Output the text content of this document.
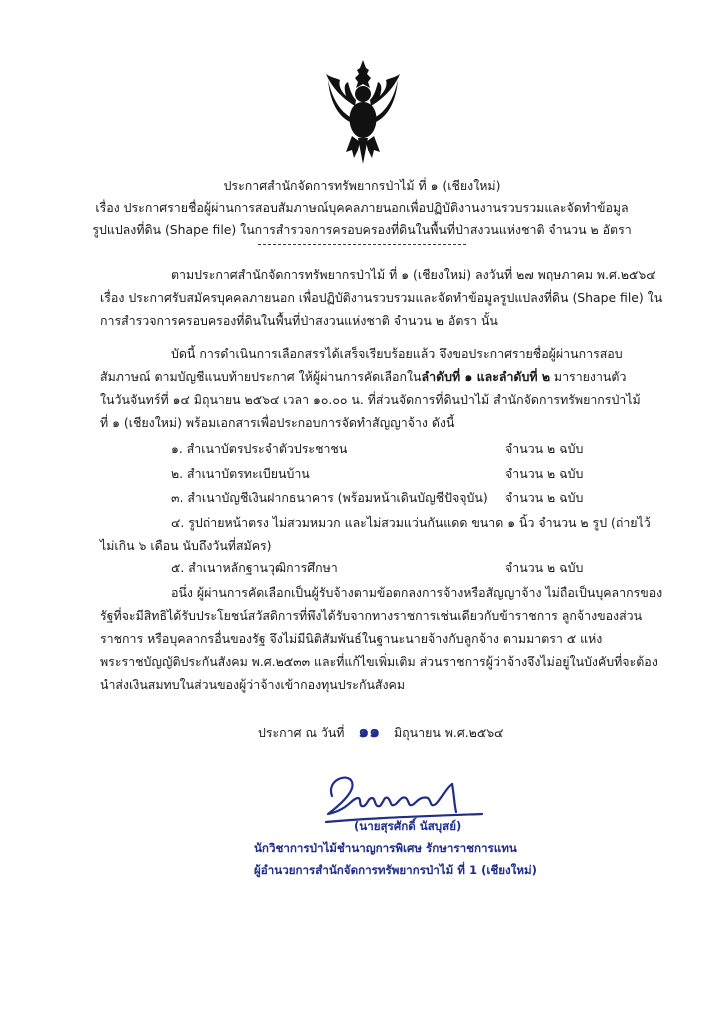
ประกาศสำนักจัดการทรัพยากรป่าไม้ ที่ ๑ (เชียงใหม่)
เรื่อง ประกาศรายชื่อผู้ผ่านการสอบสัมภาษณ์บุคคลภายนอกเพื่อปฏิบัติงานงานรวบรวมและจัดทำข้อมูล
รูปแปลงที่ดิน (Shape file) ในการสำรวจการครอบครองที่ดินในพื้นที่ป่าสงวนแห่งชาติ จำนวน ๒ อัตรา
ตามประกาศสำนักจัดการทรัพยากรป่าไม้ ที่ ๑ (เชียงใหม่) ลงวันที่ ๒๗ พฤษภาคม พ.ศ.๒๕๖๔
เรื่อง ประกาศรับสมัครบุคคลภายนอก เพื่อปฏิบัติงานรวบรวมและจัดทำข้อมูลรูปแปลงที่ดิน (Shape file) ใน
การสำรวจการครอบครองที่ดินในพื้นที่ป่าสงวนแห่งชาติ จำนวน ๒ อัตรา นั้น
บัดนี้ การดำเนินการเลือกสรรได้เสร็จเรียบร้อยแล้ว จึงขอประกาศรายชื่อผู้ผ่านการสอบ
สัมภาษณ์ ตามบัญชีแนบท้ายประกาศ ให้ผู้ผ่านการคัดเลือกในลำดับที่ ๑ และลำดับที่ ๒ มารายงานตัว
ในวันจันทร์ที่ ๑๔ มิถุนายน ๒๕๖๔ เวลา ๑๐.๐๐ น. ที่ส่วนจัดการที่ดินป่าไม้ สำนักจัดการทรัพยากรป่าไม้
ที่ ๑ (เชียงใหม่) พร้อมเอกสารเพื่อประกอบการจัดทำสัญญาจ้าง ดังนี้
๑. สำเนาบัตรประจำตัวประชาชน	จำนวน ๒ ฉบับ
๒. สำเนาบัตรทะเบียนบ้าน	จำนวน ๒ ฉบับ
๓. สำเนาบัญชีเงินฝากธนาคาร (พร้อมหน้าเดินบัญชีปัจจุบัน) จำนวน ๒ ฉบับ
๔. รูปถ่ายหน้าตรง ไม่สวมหมวก และไม่สวมแว่นกันแดด ขนาด ๑ นิ้ว จำนวน ๒ รูป (ถ่ายไว้
ไม่เกิน ๖ เดือน นับถึงวันที่สมัคร)
๕. สำเนาหลักฐานวุฒิการศึกษา	จำนวน ๒ ฉบับ
อนึ่ง ผู้ผ่านการคัดเลือกเป็นผู้รับจ้างตามข้อตกลงการจ้างหรือสัญญาจ้าง ไม่ถือเป็นบุคลากรของ
รัฐที่จะมีสิทธิได้รับประโยชน์สวัสดิการที่พึงได้รับจากทางราชการเช่นเดียวกับข้าราชการ ลูกจ้างของส่วน
ราชการ หรือบุคลากรอื่นของรัฐ จึงไม่มีนิติสัมพันธ์ในฐานะนายจ้างกับลูกจ้าง ตามมาตรา ๕ แห่ง
พระราชบัญญัติประกันสังคม พ.ศ.๒๕๓๓ และที่แก้ไขเพิ่มเติม ส่วนราชการผู้ว่าจ้างจึงไม่อยู่ในบังคับที่จะต้อง
นำส่งเงินสมทบในส่วนของผู้ว่าจ้างเข้ากองทุนประกันสังคม
ประกาศ ณ วันที่ ๑๑ มิถุนายน พ.ศ.๒๕๖๔
(นายสุรศักดิ์ นัสบุสย์)
นักวิชาการป่าไม้ชำนาญการพิเศษ รักษาราชการแทน
ผู้อำนวยการสำนักจัดการทรัพยากรป่าไม้ ที่ 1 (เชียงใหม่)
